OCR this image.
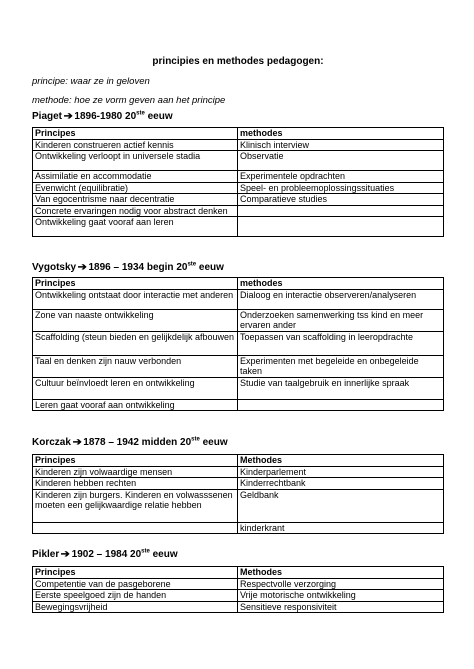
principies en methodes pedagogen:
principe: waar ze in geloven
methode: hoe ze vorm geven aan het principe
Piaget ➔ 1896-1980 20ste eeuw
Principes	methodes
Kinderen construeren actief kennis	Klinisch interview
Ontwikkeling verloopt in universele stadia	Observatie
Assimilatie en accommodatie	Experimentele opdrachten
Evenwicht (equilibratie)	Speel- en probleemoplossingssituaties
Van egocentrisme naar decentratie	Comparatieve studies
Concrete ervaringen nodig voor abstract denken	
Ontwikkeling gaat vooraf aan leren	
Vygotsky ➔ 1896 – 1934 begin 20ste eeuw
Principes	methodes
Ontwikkeling ontstaat door interactie met anderen	Dialoog en interactie observeren/analyseren
Zone van naaste ontwikkeling	Onderzoeken samenwerking tss kind en meer ervaren ander
Scaffolding (steun bieden en gelijkdelijk afbouwen	Toepassen van scaffolding in leeropdrachte
Taal en denken zijn nauw verbonden	Experimenten met begeleide en onbegeleide taken
Cultuur beïnvloedt leren en ontwikkeling	Studie van taalgebruik en innerlijke spraak
Leren gaat vooraf aan ontwikkeling	
Korczak ➔ 1878 – 1942 midden 20ste eeuw
Principes	Methodes
Kinderen zijn volwaardige mensen	Kinderparlement
Kinderen hebben rechten	Kinderrechtbank
Kinderen zijn burgers. Kinderen en volwasssenen moeten een gelijkwaardige relatie hebben	Geldbank
	kinderkrant
Pikler ➔ 1902 – 1984 20ste eeuw
Principes	Methodes
Competentie van de pasgeborene	Respectvolle verzorging
Eerste speelgoed zijn de handen	Vrije motorische ontwikkeling
Bewegingsvrijheid	Sensitieve responsiviteit
